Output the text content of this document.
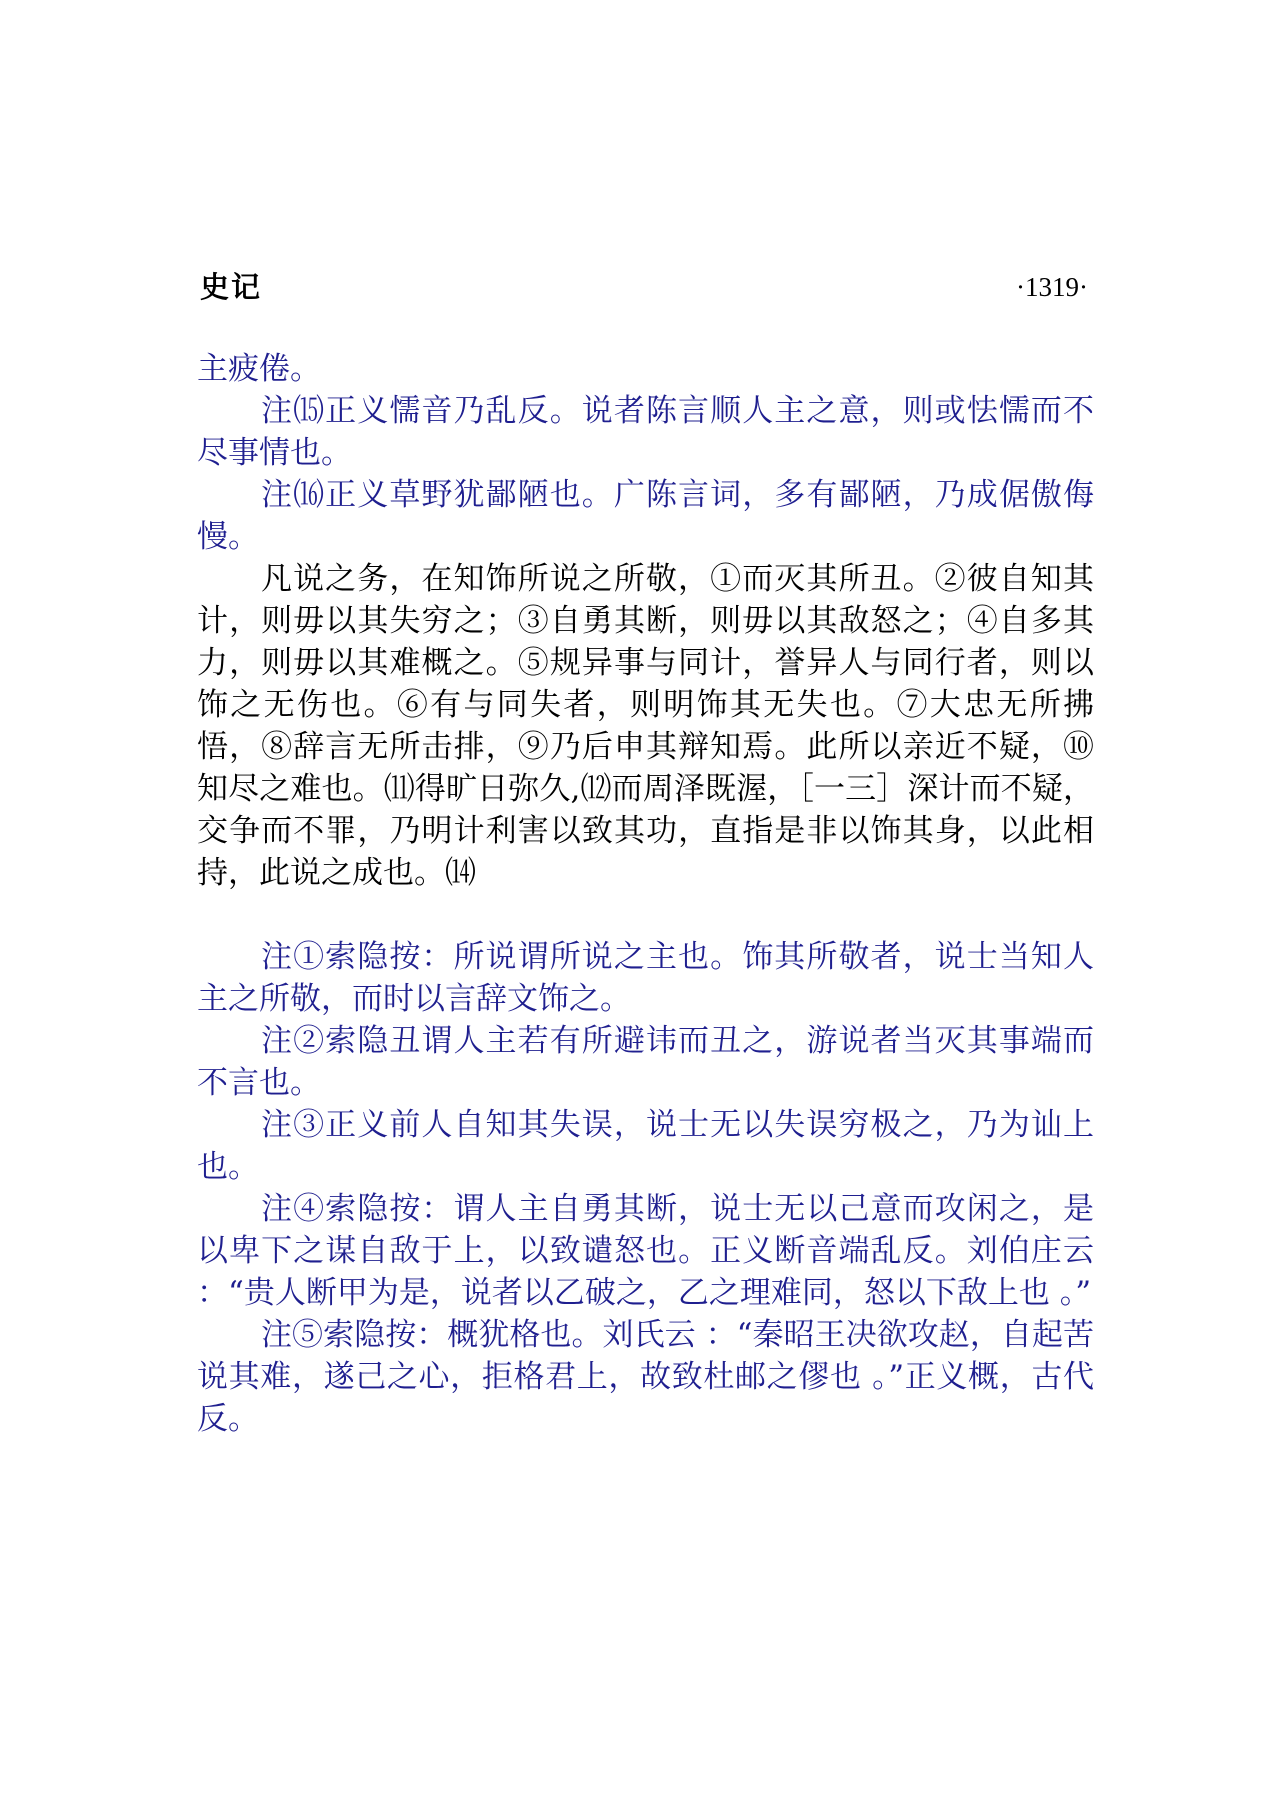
史记	·1319·

主疲倦。

注⒂正义懦音乃乱反。说者陈言顺人主之意，则或怯懦而不尽事情也。

注⒃正义草野犹鄙陋也。广陈言词，多有鄙陋，乃成倨傲侮慢。

凡说之务，在知饰所说之所敬，①而灭其所丑。②彼自知其计，则毋以其失穷之；③自勇其断，则毋以其敌怒之；④自多其力，则毋以其难概之。⑤规异事与同计，誉异人与同行者，则以饰之无伤也。⑥有与同失者，则明饰其无失也。⑦大忠无所拂悟，⑧辞言无所击排，⑨乃后申其辩知焉。此所以亲近不疑，⑩知尽之难也。⑾得旷日弥久,⑿而周泽既渥，［一三］深计而不疑，交争而不罪，乃明计利害以致其功，直指是非以饰其身，以此相持，此说之成也。⒁

注①索隐按：所说谓所说之主也。饰其所敬者，说士当知人主之所敬，而时以言辞文饰之。

注②索隐丑谓人主若有所避讳而丑之，游说者当灭其事端而不言也。

注③正义前人自知其失误，说士无以失误穷极之，乃为讪上也。

注④索隐按：谓人主自勇其断，说士无以己意而攻闲之，是以卑下之谋自敌于上，以致谴怒也。正义断音端乱反。刘伯庄云 ：“贵人断甲为是，说者以乙破之，乙之理难同，怒以下敌上也 。”

注⑤索隐按：概犹格也。刘氏云 ：“秦昭王决欲攻赵，自起苦说其难，遂己之心，拒格君上，故致杜邮之僇也 。”正义概，古代反。
